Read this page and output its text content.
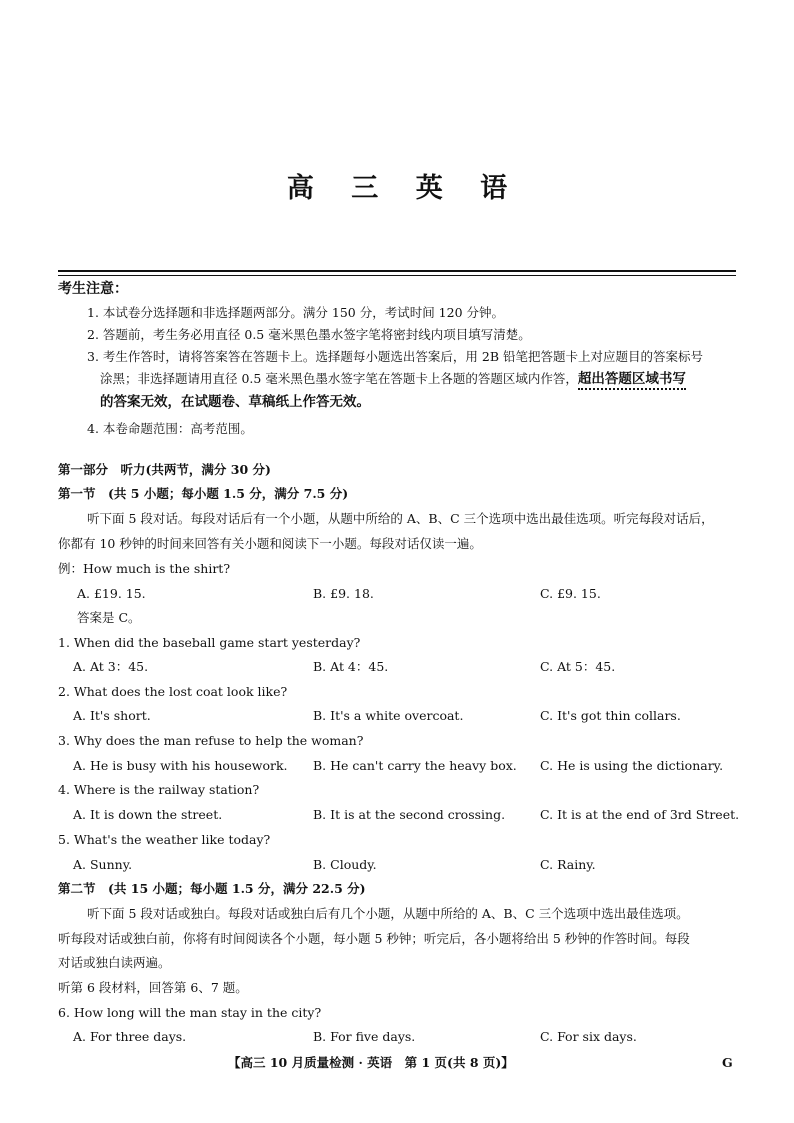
高 三 英 语
考生注意：
1. 本试卷分选择题和非选择题两部分。满分 150 分，考试时间 120 分钟。
2. 答题前，考生务必用直径 0.5 毫米黑色墨水签字笔将密封线内项目填写清楚。
3. 考生作答时，请将答案答在答题卡上。选择题每小题选出答案后，用 2B 铅笔把答题卡上对应题目的答案标号
涂黑；非选择题请用直径 0.5 毫米黑色墨水签字笔在答题卡上各题的答题区域内作答，超出答题区域书写
的答案无效，在试题卷、草稿纸上作答无效。
4. 本卷命题范围：高考范围。
第一部分　听力(共两节，满分 30 分)
第一节　(共 5 小题；每小题 1.5 分，满分 7.5 分)
听下面 5 段对话。每段对话后有一个小题，从题中所给的 A、B、C 三个选项中选出最佳选项。听完每段对话后，
你都有 10 秒钟的时间来回答有关小题和阅读下一小题。每段对话仅读一遍。
例：How much is the shirt?
A. £19. 15.	B. £9. 18.	C. £9. 15.
答案是 C。
1. When did the baseball game start yesterday?
A. At 3：45.	B. At 4：45.	C. At 5：45.
2. What does the lost coat look like?
A. It's short.	B. It's a white overcoat.	C. It's got thin collars.
3. Why does the man refuse to help the woman?
A. He is busy with his housework. B. He can't carry the heavy box. C. He is using the dictionary.
4. Where is the railway station?
A. It is down the street.	B. It is at the second crossing.	C. It is at the end of 3rd Street.
5. What's the weather like today?
A. Sunny.	B. Cloudy.	C. Rainy.
第二节　(共 15 小题；每小题 1.5 分，满分 22.5 分)
听下面 5 段对话或独白。每段对话或独白后有几个小题，从题中所给的 A、B、C 三个选项中选出最佳选项。
听每段对话或独白前，你将有时间阅读各个小题，每小题 5 秒钟；听完后，各小题将给出 5 秒钟的作答时间。每段
对话或独白读两遍。
听第 6 段材料，回答第 6、7 题。
6. How long will the man stay in the city?
A. For three days.	B. For five days.	C. For six days.
【高三 10 月质量检测 · 英语　第 1 页(共 8 页)】	G
